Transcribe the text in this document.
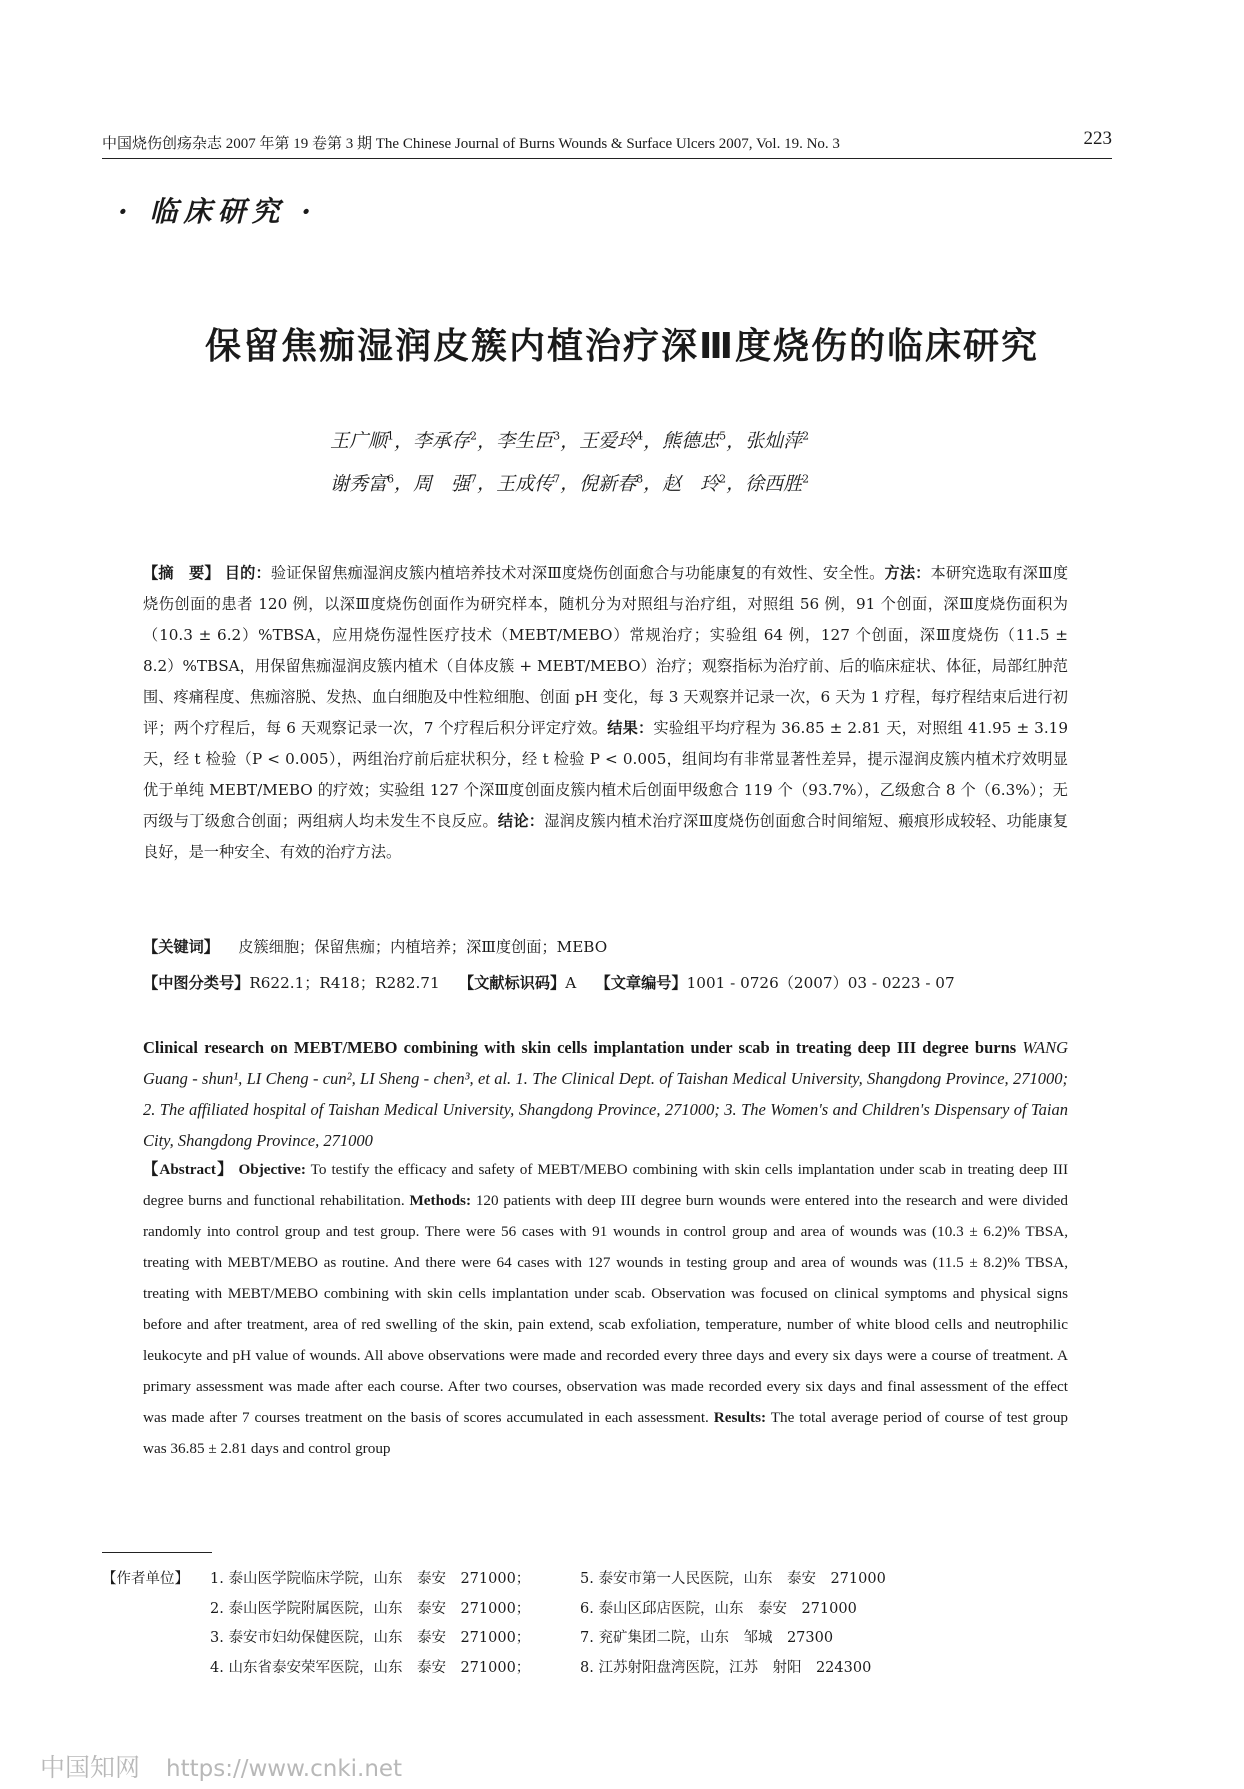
中国烧伤创疡杂志 2007 年第 19 卷第 3 期 The Chinese Journal of Burns Wounds & Surface Ulcers 2007, Vol. 19. No. 3	223
· 临床研究 ·
保留焦痂湿润皮簇内植治疗深Ⅲ度烧伤的临床研究
王广顺$^1$，李承存$^2$，李生臣$^3$，王爱玲$^4$，熊德忠$^5$，张灿萍$^2$
谢秀富$^6$，周　强$^7$，王成传$^7$，倪新春$^8$，赵　玲$^2$，徐西胜$^2$
【摘　要】 目的：验证保留焦痂湿润皮簇内植培养技术对深Ⅲ度烧伤创面愈合与功能康复的有效性、安全性。方法：本研究选取有深Ⅲ度烧伤创面的患者 120 例，以深Ⅲ度烧伤创面作为研究样本，随机分为对照组与治疗组，对照组 56 例，91 个创面，深Ⅲ度烧伤面积为（10.3 ± 6.2）%TBSA，应用烧伤湿性医疗技术（MEBT/MEBO）常规治疗；实验组 64 例，127 个创面，深Ⅲ度烧伤（11.5 ± 8.2）%TBSA，用保留焦痂湿润皮簇内植术（自体皮簇 + MEBT/MEBO）治疗；观察指标为治疗前、后的临床症状、体征，局部红肿范围、疼痛程度、焦痂溶脱、发热、血白细胞及中性粒细胞、创面 pH 变化，每 3 天观察并记录一次，6 天为 1 疗程，每疗程结束后进行初评；两个疗程后，每 6 天观察记录一次，7 个疗程后积分评定疗效。结果：实验组平均疗程为 36.85 ± 2.81 天，对照组 41.95 ± 3.19 天，经 t 检验（P < 0.005），两组治疗前后症状积分，经 t 检验 P < 0.005，组间均有非常显著性差异，提示湿润皮簇内植术疗效明显优于单纯 MEBT/MEBO 的疗效；实验组 127 个深Ⅲ度创面皮簇内植术后创面甲级愈合 119 个（93.7%），乙级愈合 8 个（6.3%）；无丙级与丁级愈合创面；两组病人均未发生不良反应。结论：湿润皮簇内植术治疗深Ⅲ度烧伤创面愈合时间缩短、瘢痕形成较轻、功能康复良好，是一种安全、有效的治疗方法。
【关键词】 皮簇细胞；保留焦痂；内植培养；深Ⅲ度创面；MEBO
【中图分类号】R622.1；R418；R282.71 【文献标识码】A 【文章编号】1001 - 0726（2007）03 - 0223 - 07
Clinical research on MEBT/MEBO combining with skin cells implantation under scab in treating deep III degree burns WANG Guang - shun¹, LI Cheng - cun², LI Sheng - chen³, et al. 1. The Clinical Dept. of Taishan Medical University, Shangdong Province, 271000; 2. The affiliated hospital of Taishan Medical University, Shangdong Province, 271000; 3. The Women's and Children's Dispensary of Taian City, Shangdong Province, 271000
【Abstract】 Objective: To testify the efficacy and safety of MEBT/MEBO combining with skin cells implantation under scab in treating deep III degree burns and functional rehabilitation. Methods: 120 patients with deep III degree burn wounds were entered into the research and were divided randomly into control group and test group. There were 56 cases with 91 wounds in control group and area of wounds was (10.3 ± 6.2)% TBSA, treating with MEBT/MEBO as routine. And there were 64 cases with 127 wounds in testing group and area of wounds was (11.5 ± 8.2)% TBSA, treating with MEBT/MEBO combining with skin cells implantation under scab. Observation was focused on clinical symptoms and physical signs before and after treatment, area of red swelling of the skin, pain extend, scab exfoliation, temperature, number of white blood cells and neutrophilic leukocyte and pH value of wounds. All above observations were made and recorded every three days and every six days were a course of treatment. A primary assessment was made after each course. After two courses, observation was made recorded every six days and final assessment of the effect was made after 7 courses treatment on the basis of scores accumulated in each assessment. Results: The total average period of course of test group was 36.85 ± 2.81 days and control group
【作者单位】 1. 泰山医学院临床学院，山东　泰安　271000；	5. 泰安市第一人民医院，山东　泰安　271000
2. 泰山医学院附属医院，山东　泰安　271000；	6. 泰山区邱店医院，山东　泰安　271000
3. 泰安市妇幼保健医院，山东　泰安　271000；	7. 兖矿集团二院，山东　邹城　27300
4. 山东省泰安荣军医院，山东　泰安　271000；	8. 江苏射阳盘湾医院，江苏　射阳　224300
中国知网 https://www.cnki.net
